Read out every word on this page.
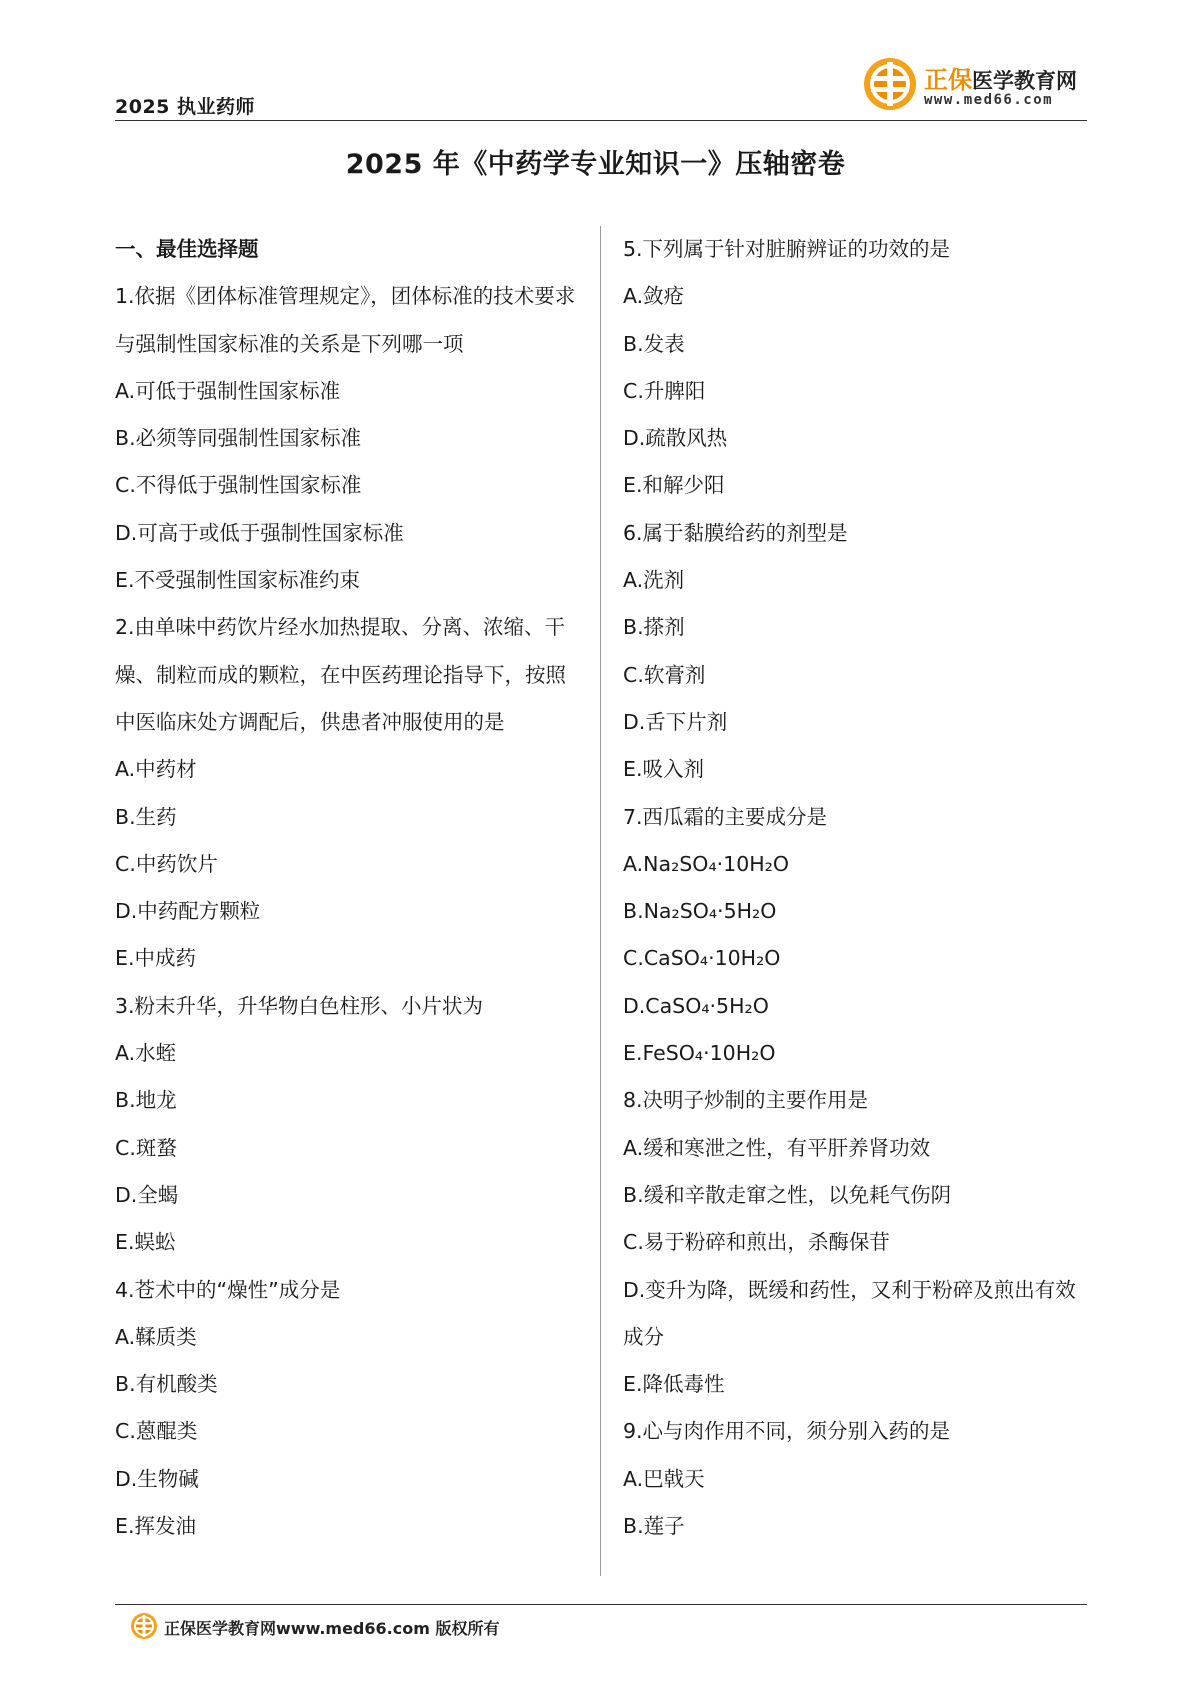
2025 执业药师
正保医学教育网
www.med66.com
2025 年《中药学专业知识一》压轴密卷
一、最佳选择题
1.依据《团体标准管理规定》，团体标准的技术要求
与强制性国家标准的关系是下列哪一项
A.可低于强制性国家标准
B.必须等同强制性国家标准
C.不得低于强制性国家标准
D.可高于或低于强制性国家标准
E.不受强制性国家标准约束
2.由单味中药饮片经水加热提取、分离、浓缩、干
燥、制粒而成的颗粒，在中医药理论指导下，按照
中医临床处方调配后，供患者冲服使用的是
A.中药材
B.生药
C.中药饮片
D.中药配方颗粒
E.中成药
3.粉末升华，升华物白色柱形、小片状为
A.水蛭
B.地龙
C.斑蝥
D.全蝎
E.蜈蚣
4.苍术中的“燥性”成分是
A.鞣质类
B.有机酸类
C.蒽醌类
D.生物碱
E.挥发油
5.下列属于针对脏腑辨证的功效的是
A.敛疮
B.发表
C.升脾阳
D.疏散风热
E.和解少阳
6.属于黏膜给药的剂型是
A.洗剂
B.搽剂
C.软膏剂
D.舌下片剂
E.吸入剂
7.西瓜霜的主要成分是
A.Na₂SO₄·10H₂O
B.Na₂SO₄·5H₂O
C.CaSO₄·10H₂O
D.CaSO₄·5H₂O
E.FeSO₄·10H₂O
8.决明子炒制的主要作用是
A.缓和寒泄之性，有平肝养肾功效
B.缓和辛散走窜之性，以免耗气伤阴
C.易于粉碎和煎出，杀酶保苷
D.变升为降，既缓和药性，又利于粉碎及煎出有效
成分
E.降低毒性
9.心与肉作用不同，须分别入药的是
A.巴戟天
B.莲子
正保医学教育网www.med66.com 版权所有
